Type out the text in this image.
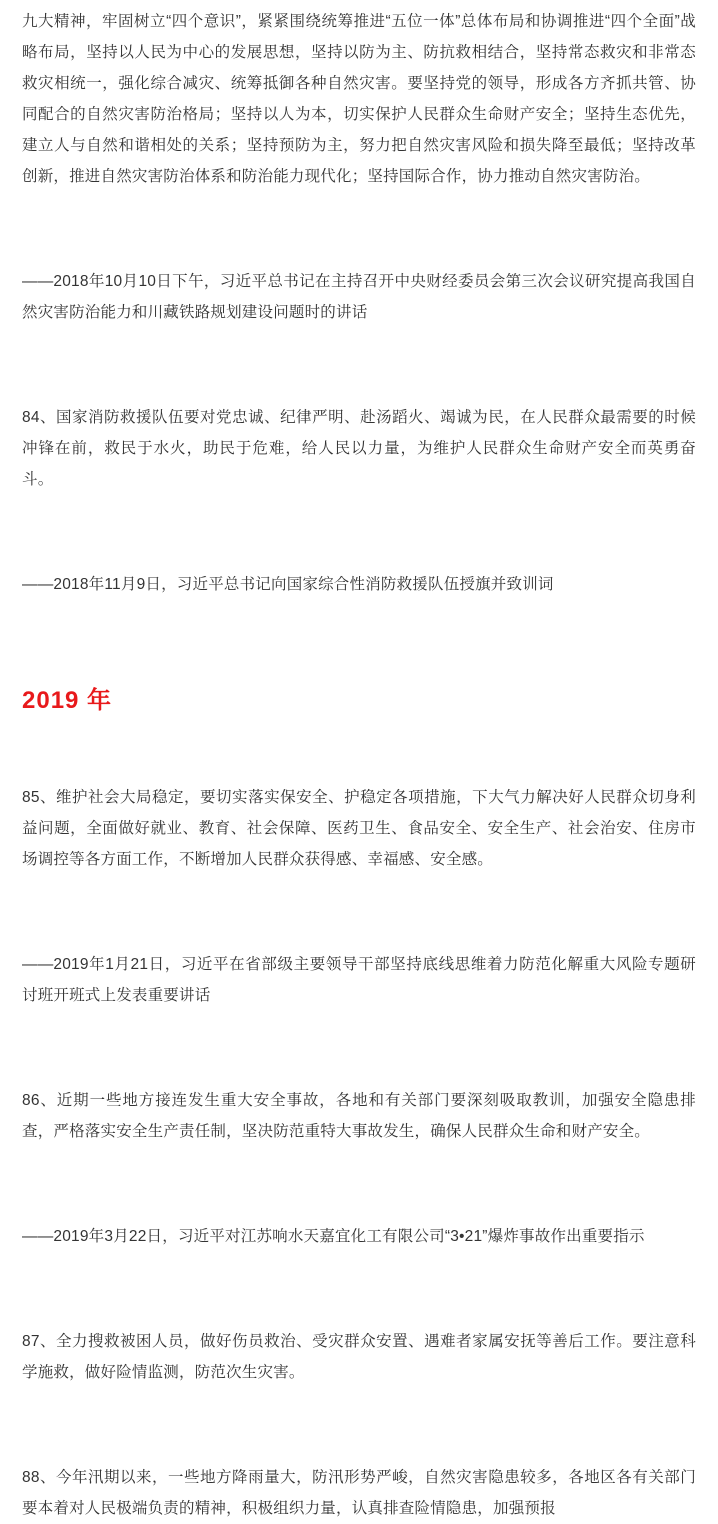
九大精神，牢固树立“四个意识”，紧紧围绕统筹推进“五位一体”总体布局和协调推进“四个全面”战略布局，坚持以人民为中心的发展思想，坚持以防为主、防抗救相结合，坚持常态救灾和非常态救灾相统一，强化综合减灾、统筹抵御各种自然灾害。要坚持党的领导，形成各方齐抓共管、协同配合的自然灾害防治格局；坚持以人为本，切实保护人民群众生命财产安全；坚持生态优先，建立人与自然和谐相处的关系；坚持预防为主，努力把自然灾害风险和损失降至最低；坚持改革创新，推进自然灾害防治体系和防治能力现代化；坚持国际合作，协力推动自然灾害防治。

——2018年10月10日下午，习近平总书记在主持召开中央财经委员会第三次会议研究提高我国自然灾害防治能力和川藏铁路规划建设问题时的讲话

84、国家消防救援队伍要对党忠诚、纪律严明、赴汤蹈火、竭诚为民，在人民群众最需要的时候冲锋在前，救民于水火，助民于危难，给人民以力量，为维护人民群众生命财产安全而英勇奋斗。

——2018年11月9日，习近平总书记向国家综合性消防救援队伍授旗并致训词

2019 年

85、维护社会大局稳定，要切实落实保安全、护稳定各项措施，下大气力解决好人民群众切身利益问题，全面做好就业、教育、社会保障、医药卫生、食品安全、安全生产、社会治安、住房市场调控等各方面工作，不断增加人民群众获得感、幸福感、安全感。

——2019年1月21日，习近平在省部级主要领导干部坚持底线思维着力防范化解重大风险专题研讨班开班式上发表重要讲话

86、近期一些地方接连发生重大安全事故，各地和有关部门要深刻吸取教训，加强安全隐患排查，严格落实安全生产责任制，坚决防范重特大事故发生，确保人民群众生命和财产安全。

——2019年3月22日，习近平对江苏响水天嘉宜化工有限公司“3•21”爆炸事故作出重要指示

87、全力搜救被困人员，做好伤员救治、受灾群众安置、遇难者家属安抚等善后工作。要注意科学施救，做好险情监测，防范次生灾害。

88、今年汛期以来，一些地方降雨量大，防汛形势严峻，自然灾害隐患较多，各地区各有关部门要本着对人民极端负责的精神，积极组织力量，认真排查险情隐患，加强预报
